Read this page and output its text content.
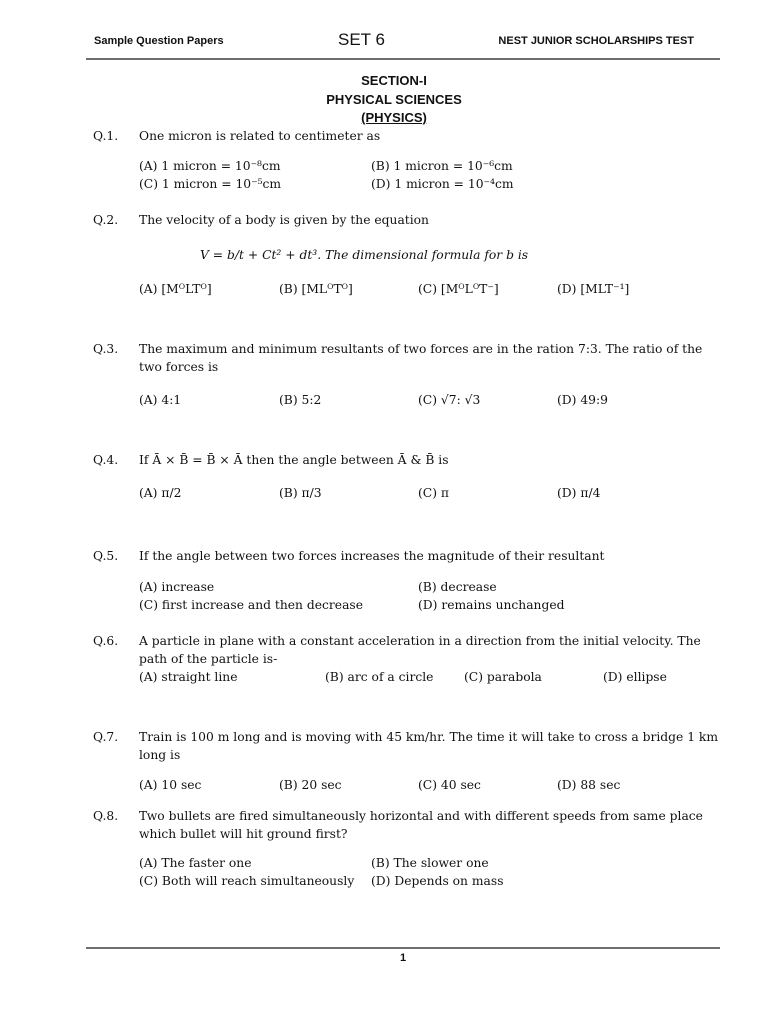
Sample Question Papers	SET 6	NEST JUNIOR SCHOLARSHIPS TEST
SECTION-I
PHYSICAL SCIENCES
(PHYSICS)
Q.1. One micron is related to centimeter as
(A) 1 micron = 10⁻⁸cm	(B) 1 micron = 10⁻⁶cm
(C) 1 micron = 10⁻⁵cm	(D) 1 micron = 10⁻⁴cm
Q.2. The velocity of a body is given by the equation
V = b/t + Ct² + dt³. The dimensional formula for b is
(A) [MᴼLTᴼ]	(B) [MLᴼTᴼ]	(C) [MᴼLᴼT⁻]	(D) [MLT⁻¹]
Q.3. The maximum and minimum resultants of two forces are in the ration 7:3. The ratio of the two forces is
(A) 4:1	(B) 5:2	(C) √7: √3	(D) 49:9
Q.4. If Ā × B̄ = B̄ × Ā then the angle between Ā & B̄ is
(A) π/2	(B) π/3	(C) π	(D) π/4
Q.5. If the angle between two forces increases the magnitude of their resultant
(A) increase	(B) decrease
(C) first increase and then decrease	(D) remains unchanged
Q.6. A particle in plane with a constant acceleration in a direction from the initial velocity. The path of the particle is-
(A) straight line	(B) arc of a circle (C) parabola	(D) ellipse
Q.7. Train is 100 m long and is moving with 45 km/hr. The time it will take to cross a bridge 1 km long is
(A) 10 sec	(B) 20 sec	(C) 40 sec	(D) 88 sec
Q.8. Two bullets are fired simultaneously horizontal and with different speeds from same place which bullet will hit ground first?
(A) The faster one	(B) The slower one
(C) Both will reach simultaneously (D) Depends on mass
1
